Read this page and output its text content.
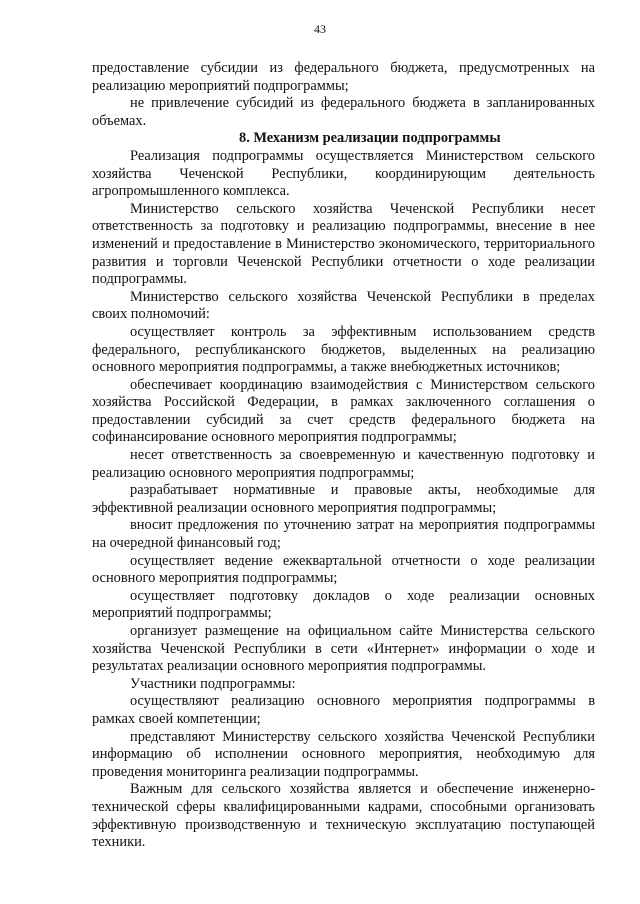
43

предоставление субсидии из федерального бюджета, предусмотренных на реализацию мероприятий подпрограммы;

не привлечение субсидий из федерального бюджета в запланированных объемах.

8. Механизм реализации подпрограммы

Реализация подпрограммы осуществляется Министерством сельского хозяйства Чеченской Республики, координирующим деятельность агропромышленного комплекса.

Министерство сельского хозяйства Чеченской Республики несет ответственность за подготовку и реализацию подпрограммы, внесение в нее изменений и предоставление в Министерство экономического, территориального развития и торговли Чеченской Республики отчетности о ходе реализации подпрограммы.

Министерство сельского хозяйства Чеченской Республики в пределах своих полномочий:

осуществляет контроль за эффективным использованием средств федерального, республиканского бюджетов, выделенных на реализацию основного мероприятия подпрограммы, а также внебюджетных источников;

обеспечивает координацию взаимодействия с Министерством сельского хозяйства Российской Федерации, в рамках заключенного соглашения о предоставлении субсидий за счет средств федерального бюджета на софинансирование основного мероприятия подпрограммы;

несет ответственность за своевременную и качественную подготовку и реализацию основного мероприятия подпрограммы;

разрабатывает нормативные и правовые акты, необходимые для эффективной реализации основного мероприятия подпрограммы;

вносит предложения по уточнению затрат на мероприятия подпрограммы на очередной финансовый год;

осуществляет ведение ежеквартальной отчетности о ходе реализации основного мероприятия подпрограммы;

осуществляет подготовку докладов о ходе реализации основных мероприятий подпрограммы;

организует размещение на официальном сайте Министерства сельского хозяйства Чеченской Республики в сети «Интернет» информации о ходе и результатах реализации основного мероприятия подпрограммы.

Участники подпрограммы:

осуществляют реализацию основного мероприятия подпрограммы в рамках своей компетенции;

представляют Министерству сельского хозяйства Чеченской Республики информацию об исполнении основного мероприятия, необходимую для проведения мониторинга реализации подпрограммы.

Важным для сельского хозяйства является и обеспечение инженерно-технической сферы квалифицированными кадрами, способными организовать эффективную производственную и техническую эксплуатацию поступающей техники.
